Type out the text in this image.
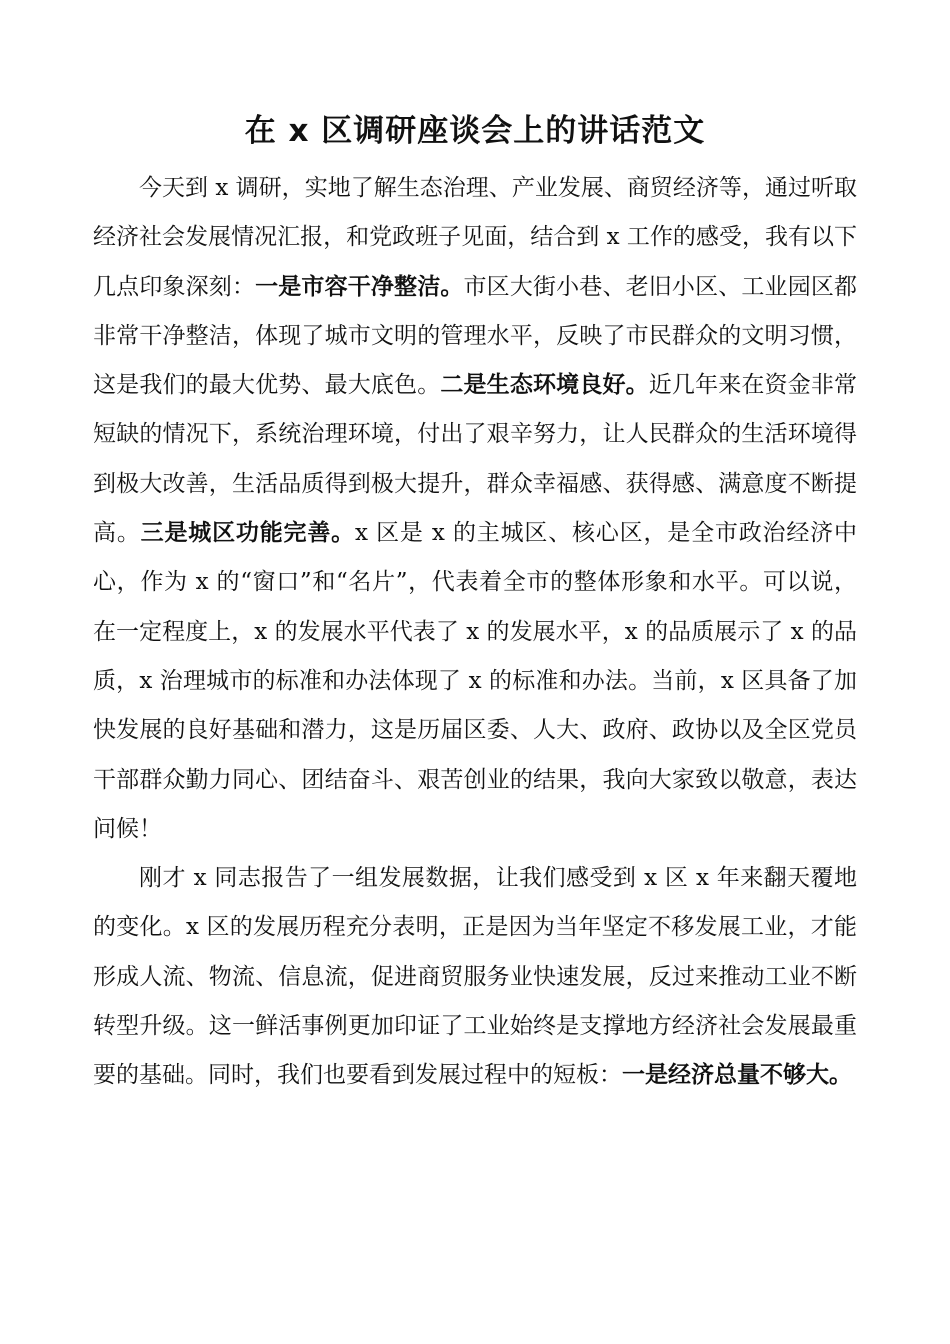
在 x 区调研座谈会上的讲话范文

今天到 x 调研，实地了解生态治理、产业发展、商贸经济等，通过听取经济社会发展情况汇报，和党政班子见面，结合到 x 工作的感受，我有以下几点印象深刻：一是市容干净整洁。市区大街小巷、老旧小区、工业园区都非常干净整洁，体现了城市文明的管理水平，反映了市民群众的文明习惯，这是我们的最大优势、最大底色。二是生态环境良好。近几年来在资金非常短缺的情况下，系统治理环境，付出了艰辛努力，让人民群众的生活环境得到极大改善，生活品质得到极大提升，群众幸福感、获得感、满意度不断提高。三是城区功能完善。x 区是 x 的主城区、核心区，是全市政治经济中心，作为 x 的“窗口”和“名片”，代表着全市的整体形象和水平。可以说，在一定程度上，x 的发展水平代表了 x 的发展水平，x 的品质展示了 x 的品质，x 治理城市的标准和办法体现了 x 的标准和办法。当前，x 区具备了加快发展的良好基础和潜力，这是历届区委、人大、政府、政协以及全区党员干部群众勤力同心、团结奋斗、艰苦创业的结果，我向大家致以敬意，表达问候！

刚才 x 同志报告了一组发展数据，让我们感受到 x 区 x 年来翻天覆地的变化。x 区的发展历程充分表明，正是因为当年坚定不移发展工业，才能形成人流、物流、信息流，促进商贸服务业快速发展，反过来推动工业不断转型升级。这一鲜活事例更加印证了工业始终是支撑地方经济社会发展最重要的基础。同时，我们也要看到发展过程中的短板：一是经济总量不够大。
